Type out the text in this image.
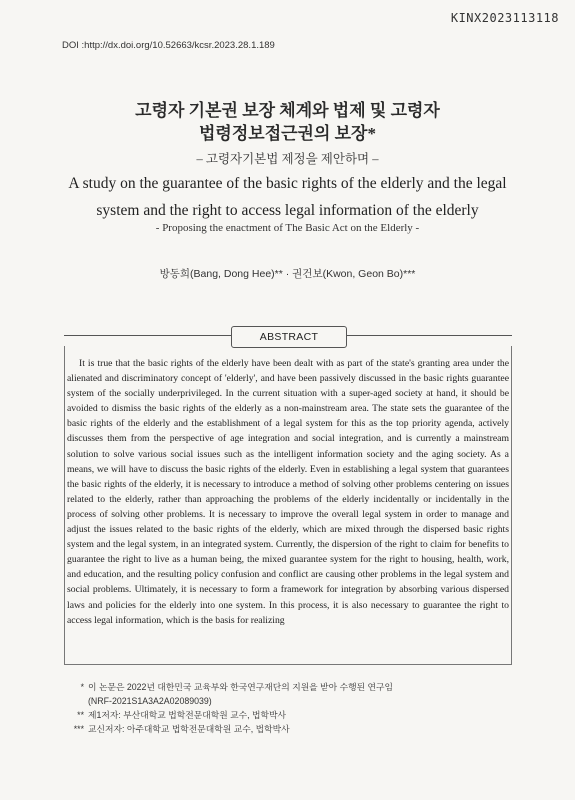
KINX2023113118
DOI :http://dx.doi.org/10.52663/kcsr.2023.28.1.189
고령자 기본권 보장 체계와 법제 및 고령자
법령정보접근권의 보장*
– 고령자기본법 제정을 제안하며 –
A study on the guarantee of the basic rights of the elderly and the legal
system and the right to access legal information of the elderly
- Proposing the enactment of The Basic Act on the Elderly -
방동희(Bang, Dong Hee)** · 권건보(Kwon, Geon Bo)***
ABSTRACT
It is true that the basic rights of the elderly have been dealt with as part of the state's granting area under the alienated and discriminatory concept of 'elderly', and have been passively discussed in the basic rights guarantee system of the socially underprivileged. In the current situation with a super-aged society at hand, it should be avoided to dismiss the basic rights of the elderly as a non-mainstream area. The state sets the guarantee of the basic rights of the elderly and the establishment of a legal system for this as the top priority agenda, actively discusses them from the perspective of age integration and social integration, and is currently a mainstream solution to solve various social issues such as the intelligent information society and the aging society. As a means, we will have to discuss the basic rights of the elderly. Even in establishing a legal system that guarantees the basic rights of the elderly, it is necessary to introduce a method of solving other problems centering on issues related to the elderly, rather than approaching the problems of the elderly incidentally or incidentally in the process of solving other problems. It is necessary to improve the overall legal system in order to manage and adjust the issues related to the basic rights of the elderly, which are mixed through the dispersed basic rights system and the legal system, in an integrated system. Currently, the dispersion of the right to claim for benefits to guarantee the right to live as a human being, the mixed guarantee system for the right to housing, health, work, and education, and the resulting policy confusion and conflict are causing other problems in the legal system and social problems. Ultimately, it is necessary to form a framework for integration by absorbing various dispersed laws and policies for the elderly into one system. In this process, it is also necessary to guarantee the right to access legal information, which is the basis for realizing
* 이 논문은 2022년 대한민국 교육부와 한국연구재단의 지원을 받아 수행된 연구임
(NRF-2021S1A3A2A02089039)
** 제1저자: 부산대학교 법학전문대학원 교수, 법학박사
*** 교신저자: 아주대학교 법학전문대학원 교수, 법학박사
